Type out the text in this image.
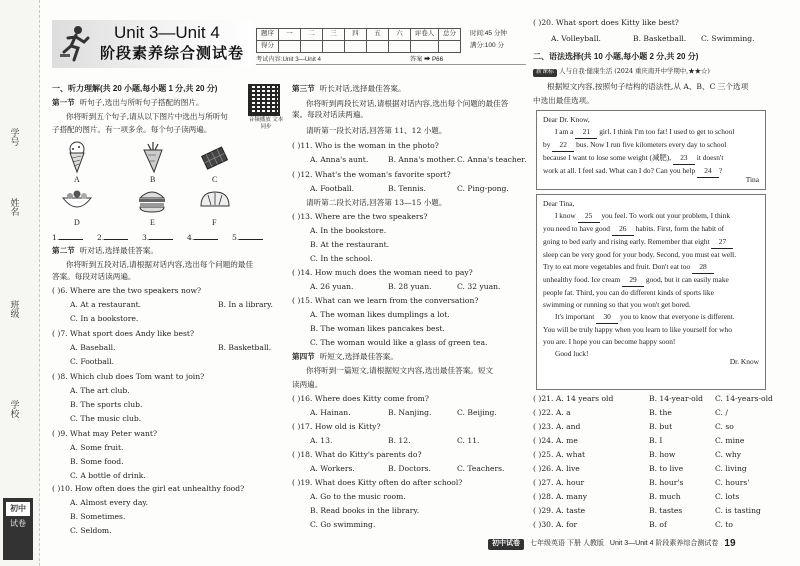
学号
姓名
班级
学校
初中
试卷
Unit 3—Unit 4
阶段素养综合测试卷
题序	一	二	三	四	五	六	评卷人	总分
得分								
时间:45 分钟
满分:100 分
考试内容:Unit 3—Unit 4	答案 ➡ P66
音频播放 文本同步
一、听力理解(共 20 小题,每小题 1 分,共 20 分)
第一节 听句子,选出与所听句子搭配的图片。
你将听到五个句子,请从以下图片中选出与所听句
子搭配的图片。有一项多余。每个句子读两遍。
A	B	C
D	E	F
1.	2.	3.	4.	5.
第二节 听对话,选择最佳答案。
你将听到五段对话,请根据对话内容,选出每个问题的最佳
答案。每段对话读两遍。
( )6. Where are the two speakers now?
A. At a restaurant.	B. In a library.
C. In a bookstore.
( )7. What sport does Andy like best?
A. Baseball.	B. Basketball.
C. Football.
( )8. Which club does Tom want to join?
A. The art club.
B. The sports club.
C. The music club.
( )9. What may Peter want?
A. Some fruit.
B. Some food.
C. A bottle of drink.
( )10. How often does the girl eat unhealthy food?
A. Almost every day.
B. Sometimes.
C. Seldom.
第三节 听长对话,选择最佳答案。
你将听到两段长对话,请根据对话内容,选出每个问题的最佳答案。每段对话读两遍。
请听第一段长对话,回答第 11、12 小题。
( )11. Who is the woman in the photo?
A. Anna's aunt.	B. Anna's mother. C. Anna's teacher.
( )12. What's the woman's favorite sport?
A. Football.	B. Tennis.	C. Ping-pong.
请听第二段长对话,回答第 13—15 小题。
( )13. Where are the two speakers?
A. In the bookstore.
B. At the restaurant.
C. In the school.
( )14. How much does the woman need to pay?
A. 26 yuan.	B. 28 yuan.	C. 32 yuan.
( )15. What can we learn from the conversation?
A. The woman likes dumplings a lot.
B. The woman likes pancakes best.
C. The woman would like a glass of green tea.
第四节 听短文,选择最佳答案。
你将听到一篇短文,请根据短文内容,选出最佳答案。短文
读两遍。
( )16. Where does Kitty come from?
A. Hainan.	B. Nanjing.	C. Beijing.
( )17. How old is Kitty?
A. 13.	B. 12.	C. 11.
( )18. What do Kitty's parents do?
A. Workers.	B. Doctors.	C. Teachers.
( )19. What does Kitty often do after school?
A. Go to the music room.
B. Read books in the library.
C. Go swimming.
( )20. What sport does Kitty like best?
A. Volleyball.	B. Basketball. C. Swimming.
二、语法选择(共 10 小题,每小题 2 分,共 20 分)
新课标 人与自我·健康生活 (2024 重庆南开中学期中,★★☆)
根据短文内容,按照句子结构的语法性,从 A、B、C 三个选项
中选出最佳选项。
Dear Dr. Know,
I am a 21 girl. I think I'm too fat! I used to get to school
by 22 bus. Now I run five kilometers every day to school
because I want to lose some weight (减肥), 23 it doesn't
work at all. I feel sad. What can I do? Can you help 24 ?
Tina
Dear Tina,
I know 25 you feel. To work out your problem, I think
you need to have good 26 habits. First, form the habit of
going to bed early and rising early. Remember that eight 27
sleep can be very good for your body. Second, you must eat well.
Try to eat more vegetables and fruit. Don't eat too 28
unhealthy food. Ice cream 29 good, but it can easily make
people fat. Third, you can do different kinds of sports like
swimming or running so that you won't get bored.
It's important 30 you to know that everyone is different.
You will be truly happy when you learn to like yourself for who
you are. I hope you can become happy soon!
Good luck!
Dr. Know
( )21. A. 14 years old	B. 14-year-old C. 14-years-old
( )22. A. a	B. the	C. /
( )23. A. and	B. but	C. so
( )24. A. me	B. I	C. mine
( )25. A. what	B. how	C. why
( )26. A. live	B. to live	C. living
( )27. A. hour	B. hour's	C. hours'
( )28. A. many	B. much	C. lots
( )29. A. taste	B. tastes	C. is tasting
( )30. A. for	B. of	C. to
初中试卷	七年级英语 下册 人教版 Unit 3—Unit 4 阶段素养综合测试卷 19
